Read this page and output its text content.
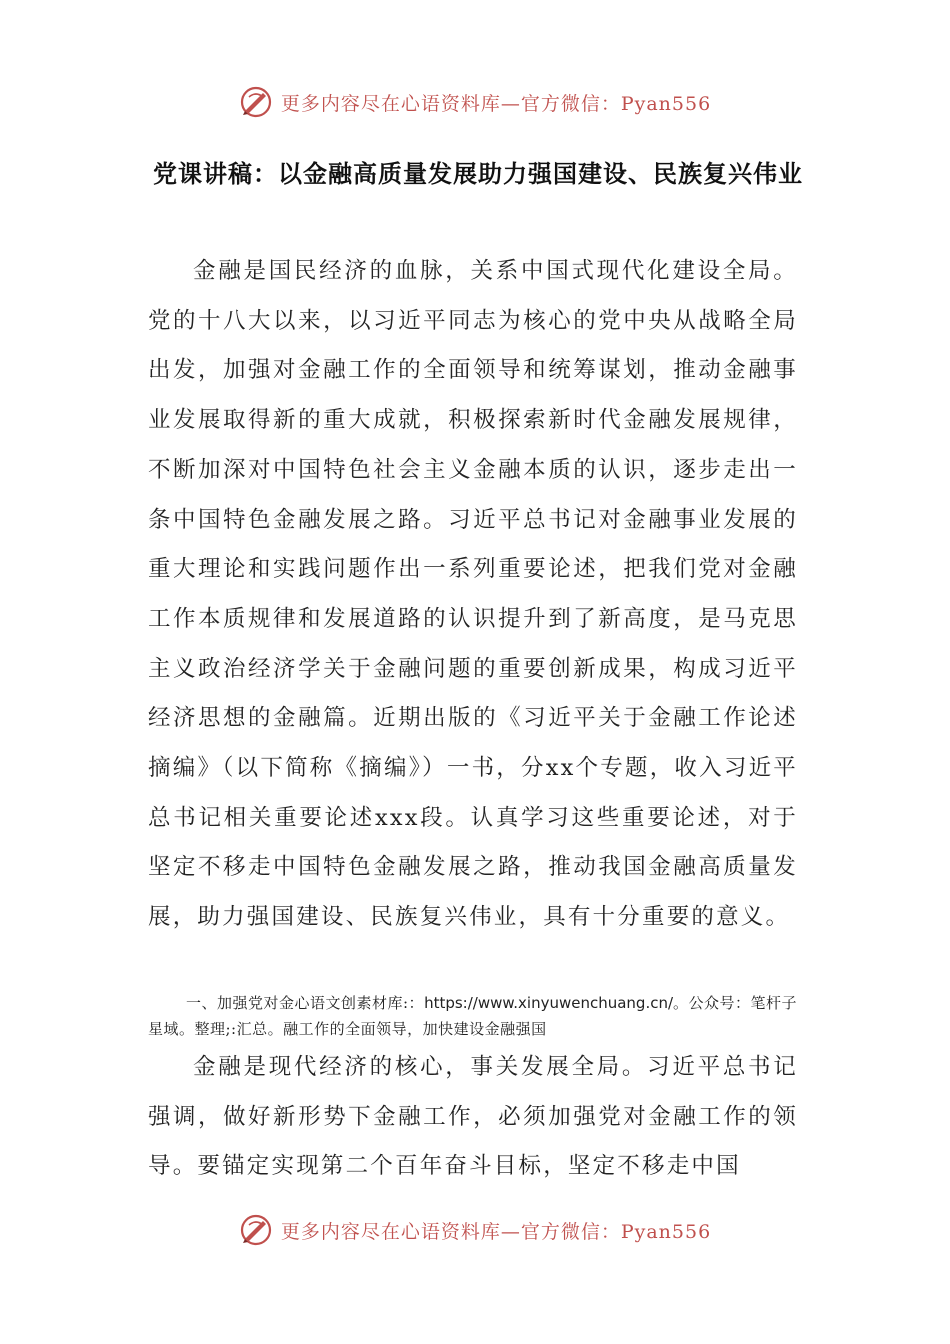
更多内容尽在心语资料库—官方微信：Pyan556
党课讲稿：以金融高质量发展助力强国建设、民族复兴伟业

金融是国民经济的血脉，关系中国式现代化建设全局。党的十八大以来，以习近平同志为核心的党中央从战略全局出发，加强对金融工作的全面领导和统筹谋划，推动金融事业发展取得新的重大成就，积极探索新时代金融发展规律，不断加深对中国特色社会主义金融本质的认识，逐步走出一条中国特色金融发展之路。习近平总书记对金融事业发展的重大理论和实践问题作出一系列重要论述，把我们党对金融工作本质规律和发展道路的认识提升到了新高度，是马克思主义政治经济学关于金融问题的重要创新成果，构成习近平经济思想的金融篇。近期出版的《习近平关于金融工作论述摘编》（以下简称《摘编》）一书，分xx个专题，收入习近平总书记相关重要论述xxx段。认真学习这些重要论述，对于坚定不移走中国特色金融发展之路，推动我国金融高质量发展，助力强国建设、民族复兴伟业，具有十分重要的意义。

一、加强党对金心语文创素材库:：https://www.xinyuwenchuang.cn/。公众号：笔杆子星域。整理;:汇总。融工作的全面领导，加快建设金融强国

金融是现代经济的核心，事关发展全局。习近平总书记强调，做好新形势下金融工作，必须加强党对金融工作的领导。要锚定实现第二个百年奋斗目标，坚定不移走中国

更多内容尽在心语资料库—官方微信：Pyan556
